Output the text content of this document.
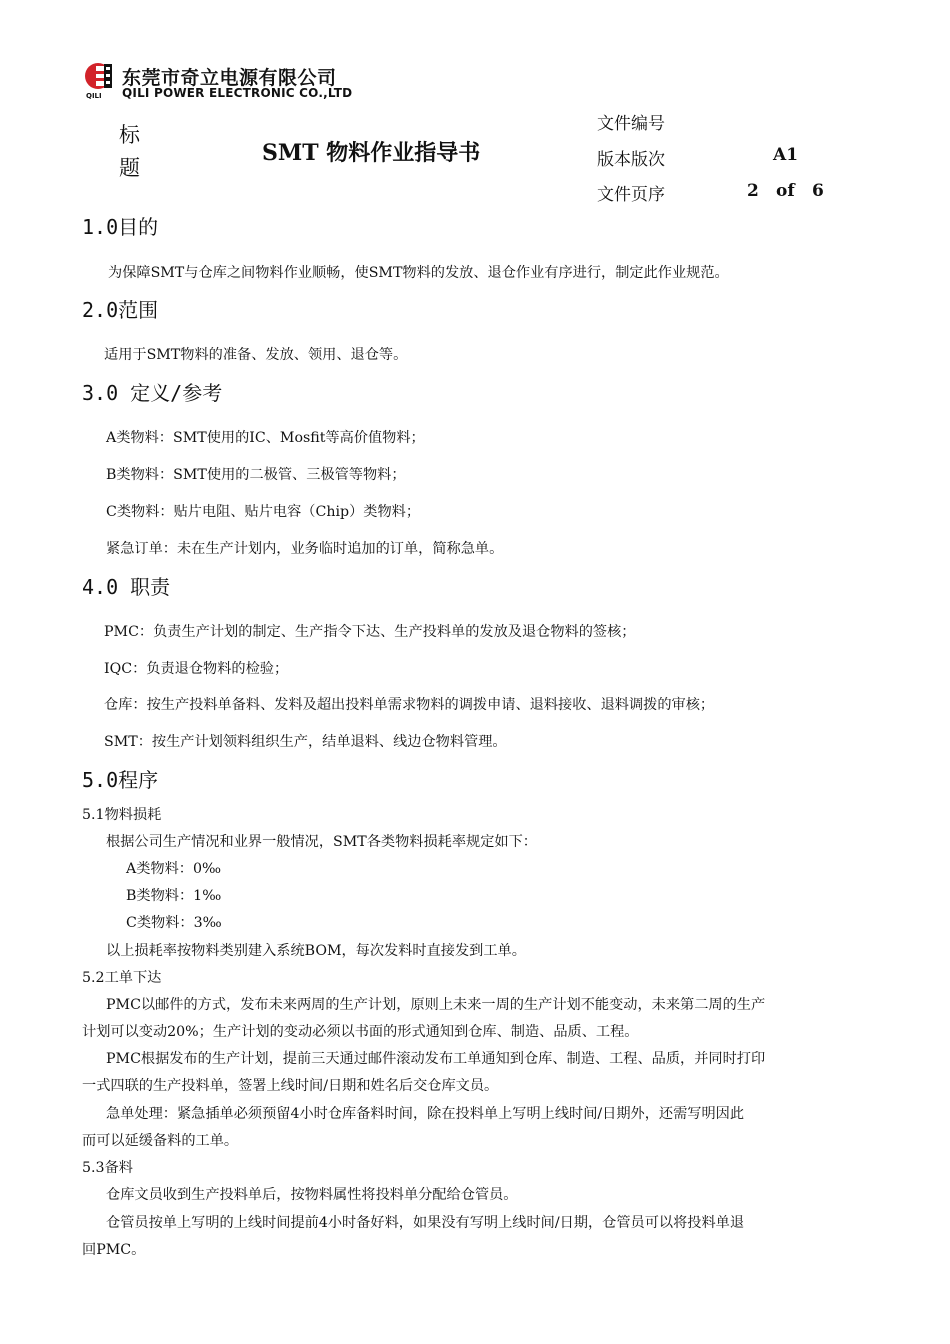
QILI
东莞市奇立电源有限公司
QILI POWER ELECTRONIC CO.,LTD
标
题
SMT 物料作业指导书
文件编号
版本版次	A1
文件页序	2 of 6
1.0目的
为保障SMT与仓库之间物料作业顺畅，使SMT物料的发放、退仓作业有序进行，制定此作业规范。
2.0范围
适用于SMT物料的准备、发放、领用、退仓等。
3.0 定义/参考
A类物料：SMT使用的IC、Mosfit等高价值物料；
B类物料：SMT使用的二极管、三极管等物料；
C类物料：贴片电阻、贴片电容（Chip）类物料；
紧急订单：未在生产计划内，业务临时追加的订单，简称急单。
4.0 职责
PMC：负责生产计划的制定、生产指令下达、生产投料单的发放及退仓物料的签核；
IQC：负责退仓物料的检验；
仓库：按生产投料单备料、发料及超出投料单需求物料的调拨申请、退料接收、退料调拨的审核；
SMT：按生产计划领料组织生产，结单退料、线边仓物料管理。
5.0程序
5.1物料损耗
根据公司生产情况和业界一般情况，SMT各类物料损耗率规定如下：
A类物料：0‰
B类物料：1‰
C类物料：3‰
以上损耗率按物料类别建入系统BOM，每次发料时直接发到工单。
5.2工单下达
PMC以邮件的方式，发布未来两周的生产计划，原则上未来一周的生产计划不能变动，未来第二周的生产
计划可以变动20%；生产计划的变动必须以书面的形式通知到仓库、制造、品质、工程。
PMC根据发布的生产计划，提前三天通过邮件滚动发布工单通知到仓库、制造、工程、品质，并同时打印
一式四联的生产投料单，签署上线时间/日期和姓名后交仓库文员。
急单处理：紧急插单必须预留4小时仓库备料时间，除在投料单上写明上线时间/日期外，还需写明因此
而可以延缓备料的工单。
5.3备料
仓库文员收到生产投料单后，按物料属性将投料单分配给仓管员。
仓管员按单上写明的上线时间提前4小时备好料，如果没有写明上线时间/日期，仓管员可以将投料单退
回PMC。
